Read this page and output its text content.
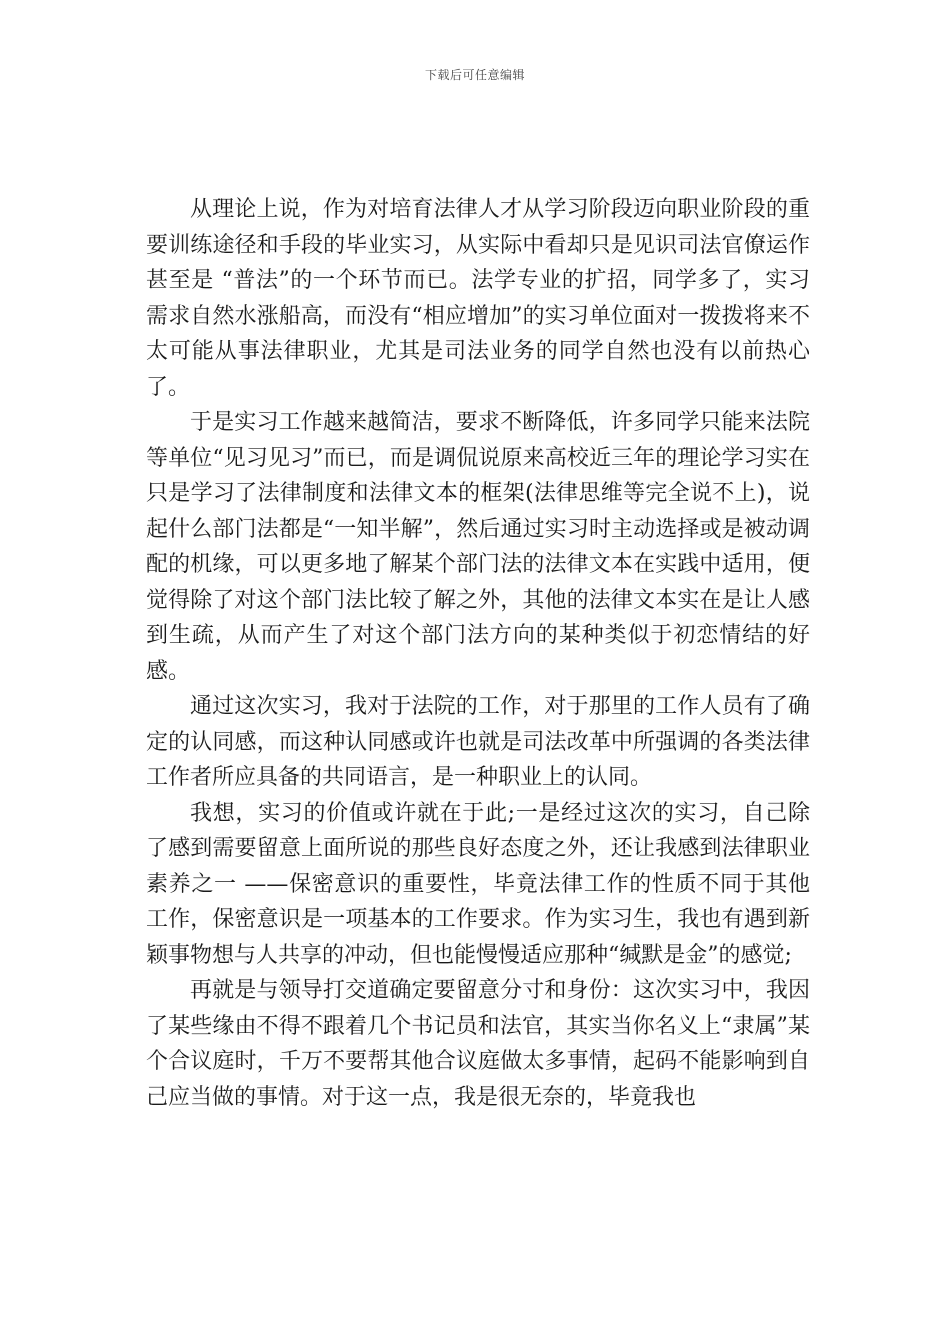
下载后可任意编辑

从理论上说，作为对培育法律人才从学习阶段迈向职业阶段的重要训练途径和手段的毕业实习，从实际中看却只是见识司法官僚运作甚至是 “普法”的一个环节而已。法学专业的扩招，同学多了，实习需求自然水涨船高，而没有“相应增加”的实习单位面对一拨拨将来不太可能从事法律职业，尤其是司法业务的同学自然也没有以前热心了。

于是实习工作越来越简洁，要求不断降低，许多同学只能来法院等单位“见习见习”而已，而是调侃说原来高校近三年的理论学习实在只是学习了法律制度和法律文本的框架(法律思维等完全说不上)，说起什么部门法都是“一知半解”，然后通过实习时主动选择或是被动调配的机缘，可以更多地了解某个部门法的法律文本在实践中适用，便觉得除了对这个部门法比较了解之外，其他的法律文本实在是让人感到生疏，从而产生了对这个部门法方向的某种类似于初恋情结的好感。

通过这次实习，我对于法院的工作，对于那里的工作人员有了确定的认同感，而这种认同感或许也就是司法改革中所强调的各类法律工作者所应具备的共同语言，是一种职业上的认同。

我想，实习的价值或许就在于此;一是经过这次的实习，自己除了感到需要留意上面所说的那些良好态度之外，还让我感到法律职业素养之一 ——保密意识的重要性，毕竟法律工作的性质不同于其他工作，保密意识是一项基本的工作要求。作为实习生，我也有遇到新颖事物想与人共享的冲动，但也能慢慢适应那种“缄默是金”的感觉;

再就是与领导打交道确定要留意分寸和身份：这次实习中，我因了某些缘由不得不跟着几个书记员和法官，其实当你名义上“隶属”某个合议庭时，千万不要帮其他合议庭做太多事情，起码不能影响到自己应当做的事情。对于这一点，我是很无奈的，毕竟我也
